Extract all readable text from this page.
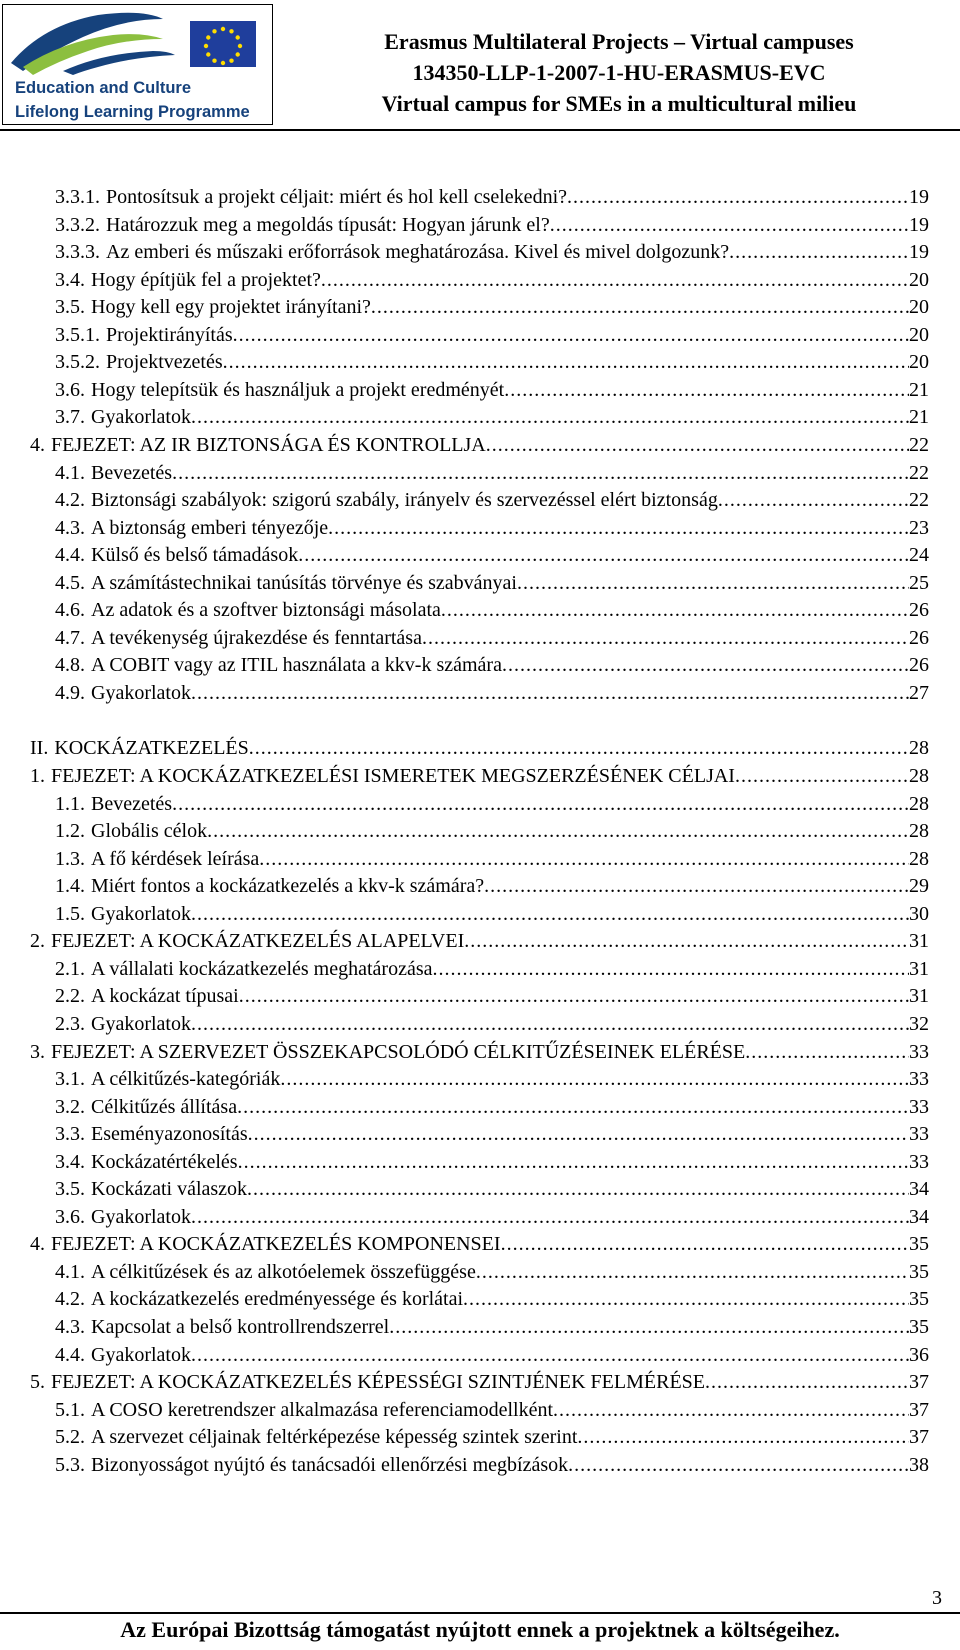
Education and Culture
Lifelong Learning Programme
Erasmus Multilateral Projects – Virtual campuses
134350-LLP-1-2007-1-HU-ERASMUS-EVC
Virtual campus for SMEs in a multicultural milieu
3.3.1. Pontosítsuk a projekt céljait: miért és hol kell cselekedni? .....	19
3.3.2. Határozzuk meg a megoldás típusát: Hogyan járunk el? .....	19
3.3.3. Az emberi és műszaki erőforrások meghatározása. Kivel és mivel dolgozunk? .....	19
3.4. Hogy építjük fel a projektet? .....	20
3.5. Hogy kell egy projektet irányítani? .....	20
3.5.1. Projektirányítás .....	20
3.5.2. Projektvezetés .....	20
3.6. Hogy telepítsük és használjuk a projekt eredményét .....	21
3.7. Gyakorlatok .....	21
4. FEJEZET: AZ IR BIZTONSÁGA ÉS KONTROLLJA .....	22
4.1. Bevezetés .....	22
4.2. Biztonsági szabályok: szigorú szabály, irányelv és szervezéssel elért biztonság .....	22
4.3. A biztonság emberi tényezője .....	23
4.4. Külső és belső támadások .....	24
4.5. A számítástechnikai tanúsítás törvénye és szabványai .....	25
4.6. Az adatok és a szoftver biztonsági másolata .....	26
4.7. A tevékenység újrakezdése és fenntartása .....	26
4.8. A COBIT vagy az ITIL használata a kkv-k számára .....	26
4.9. Gyakorlatok .....	27
II. KOCKÁZATKEZELÉS .....	28
1. FEJEZET: A KOCKÁZATKEZELÉSI ISMERETEK MEGSZERZÉSÉNEK CÉLJAI .....	28
1.1. Bevezetés .....	28
1.2. Globális célok .....	28
1.3. A fő kérdések leírása .....	28
1.4. Miért fontos a kockázatkezelés a kkv-k számára? .....	29
1.5. Gyakorlatok .....	30
2. FEJEZET: A KOCKÁZATKEZELÉS ALAPELVEI .....	31
2.1. A vállalati kockázatkezelés meghatározása .....	31
2.2. A kockázat típusai .....	31
2.3. Gyakorlatok .....	32
3. FEJEZET: A SZERVEZET ÖSSZEKAPCSOLÓDÓ CÉLKITŰZÉSEINEK ELÉRÉSE .....	33
3.1. A célkitűzés-kategóriák .....	33
3.2. Célkitűzés állítása .....	33
3.3. Eseményazonosítás .....	33
3.4. Kockázatértékelés .....	33
3.5. Kockázati válaszok .....	34
3.6. Gyakorlatok .....	34
4. FEJEZET: A KOCKÁZATKEZELÉS KOMPONENSEI .....	35
4.1. A célkitűzések és az alkotóelemek összefüggése .....	35
4.2. A kockázatkezelés eredményessége és korlátai .....	35
4.3. Kapcsolat a belső kontrollrendszerrel .....	35
4.4. Gyakorlatok .....	36
5. FEJEZET: A KOCKÁZATKEZELÉS KÉPESSÉGI SZINTJÉNEK FELMÉRÉSE .....	37
5.1. A COSO keretrendszer alkalmazása referenciamodellként .....	37
5.2. A szervezet céljainak feltérképezése képesség szintek szerint .....	37
5.3. Bizonyosságot nyújtó és tanácsadói ellenőrzési megbízások .....	38
3
Az Európai Bizottság támogatást nyújtott ennek a projektnek a költségeihez.
